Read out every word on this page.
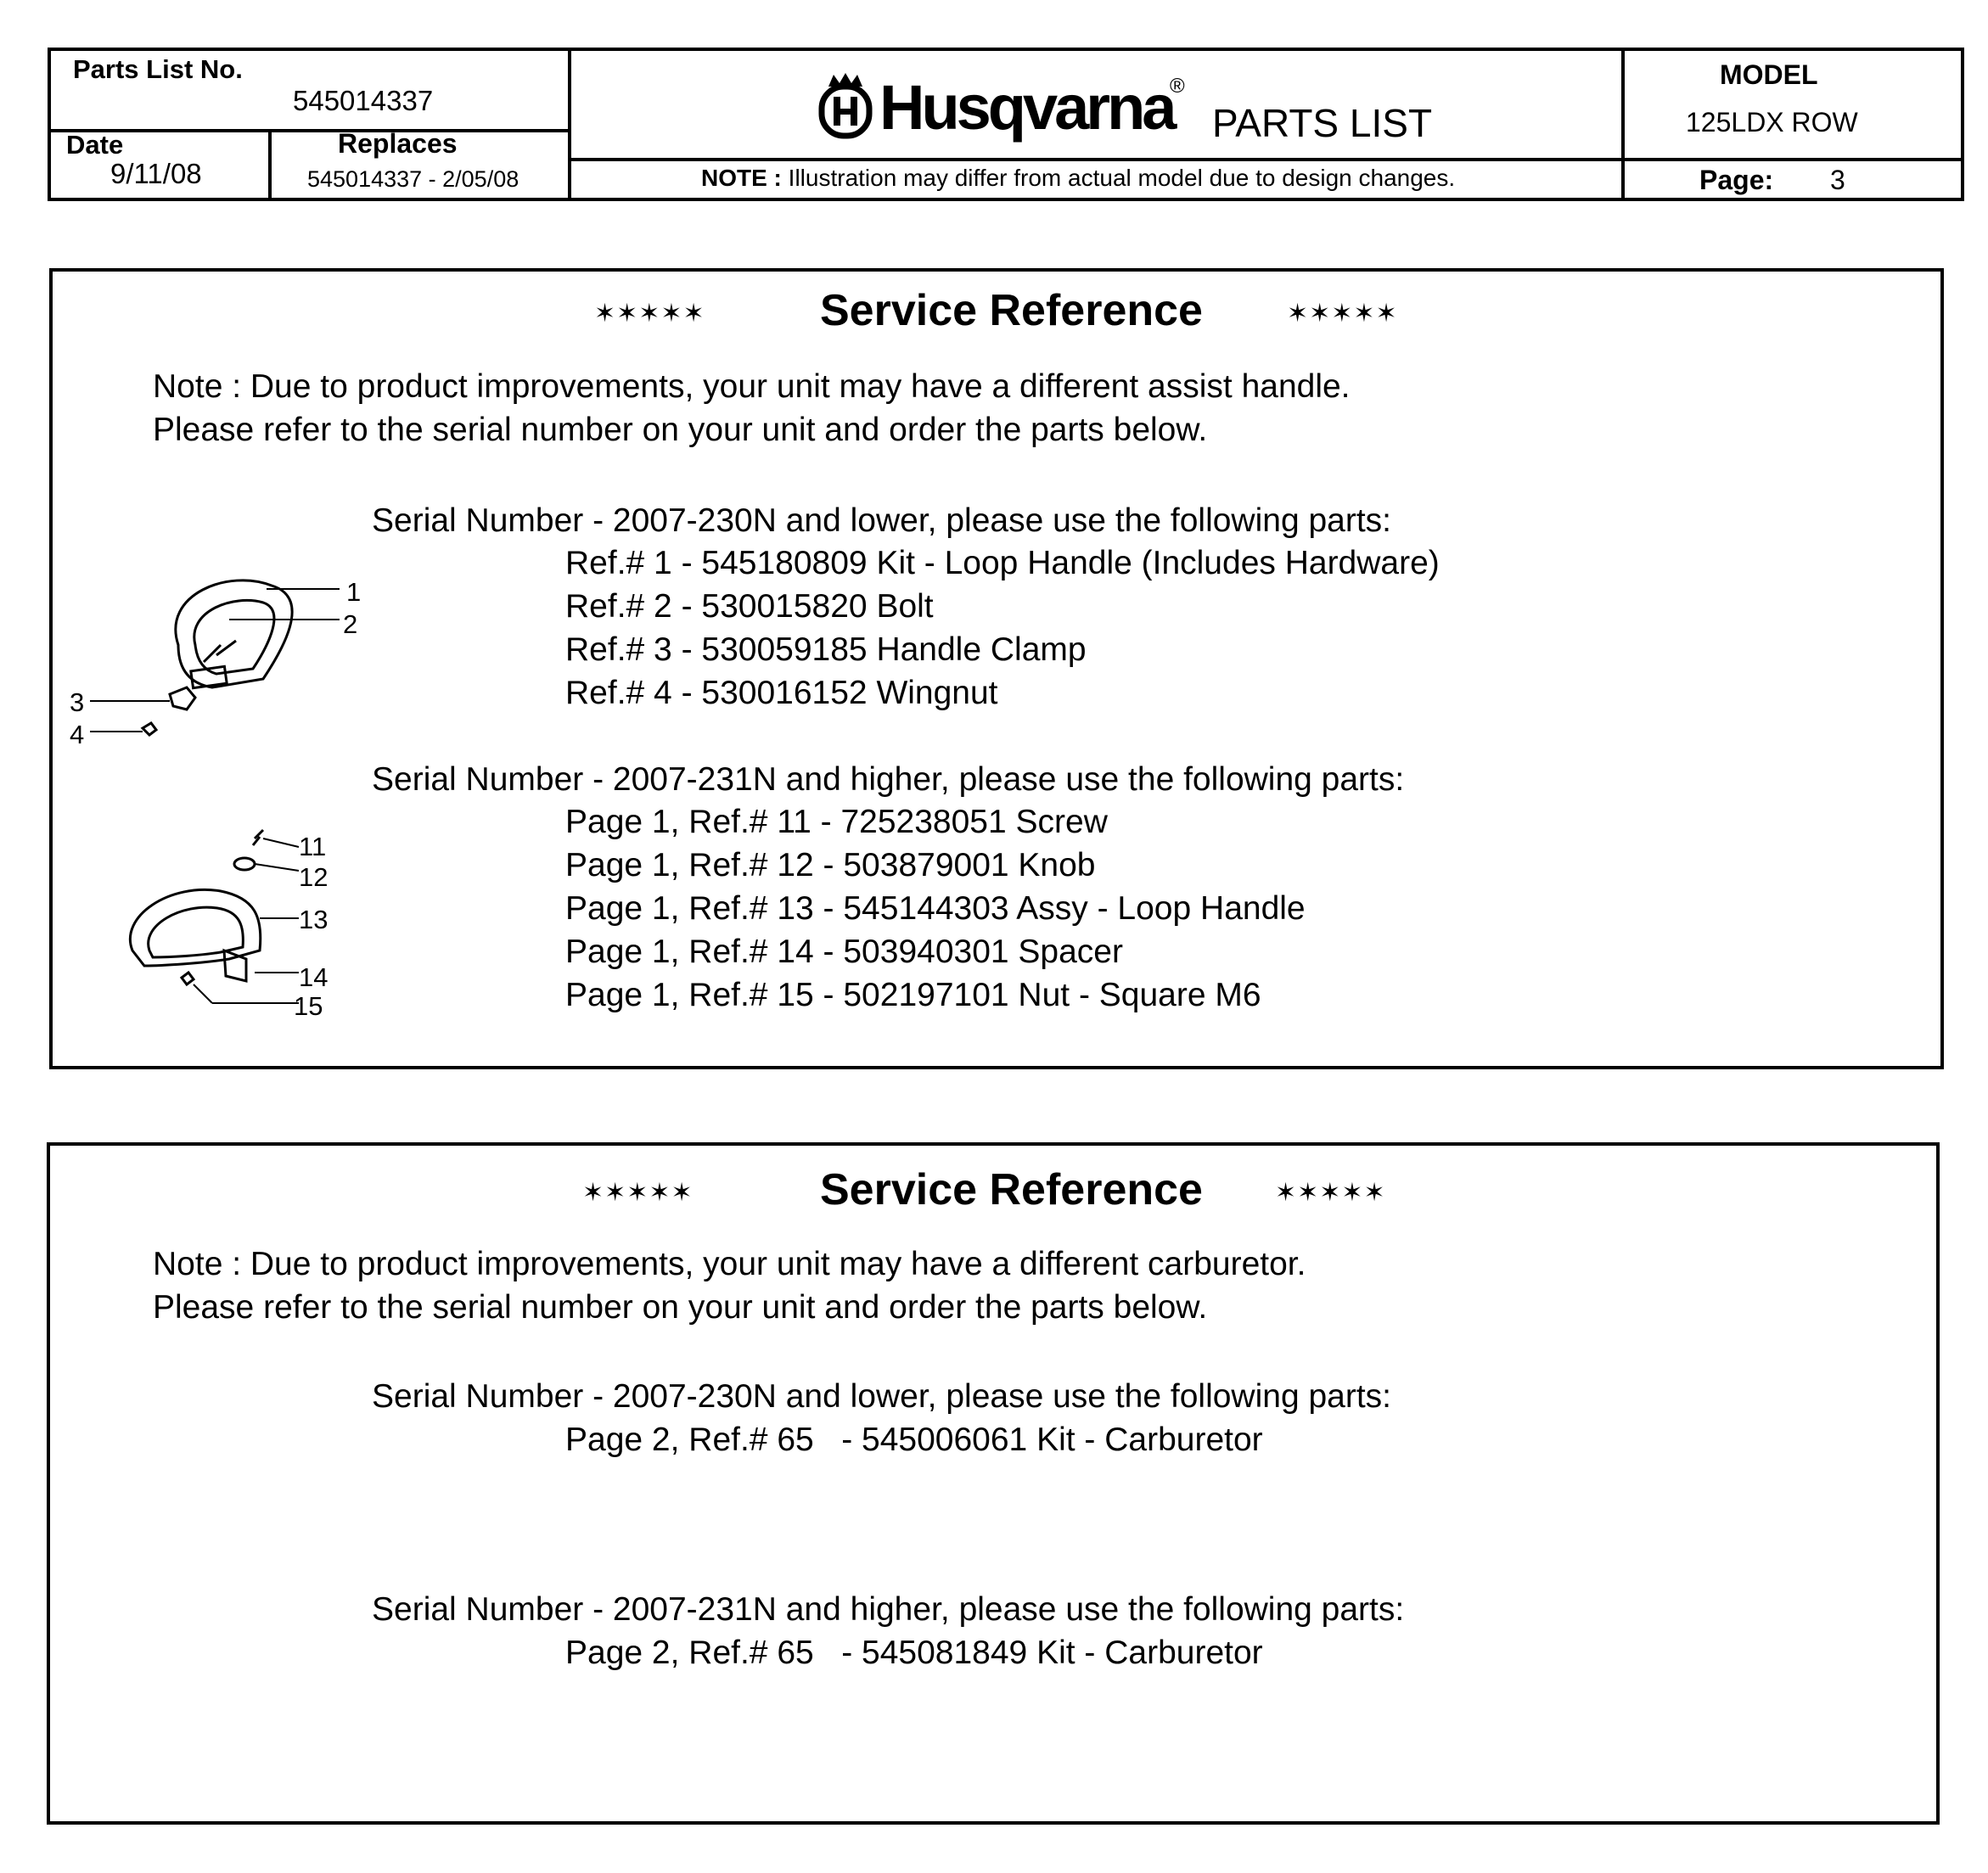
Parts List No.
545014337
Date
9/11/08
Replaces
545014337 - 2/05/08
Husqvarna
®
PARTS LIST
NOTE : Illustration may differ from actual model due to design changes.
MODEL
125LDX ROW
Page: 3
✶✶✶✶✶	Service Reference	✶✶✶✶✶
Note : Due to product improvements, your unit may have a different assist handle.
Please refer to the serial number on your unit and order the parts below.
Serial Number - 2007-230N and lower, please use the following parts:
Ref.# 1 - 545180809 Kit - Loop Handle (Includes Hardware)
Ref.# 2 - 530015820 Bolt
Ref.# 3 - 530059185 Handle Clamp
Ref.# 4 - 530016152 Wingnut
Serial Number - 2007-231N and higher, please use the following parts:
Page 1, Ref.# 11 - 725238051 Screw
Page 1, Ref.# 12 - 503879001 Knob
Page 1, Ref.# 13 - 545144303 Assy - Loop Handle
Page 1, Ref.# 14 - 503940301 Spacer
Page 1, Ref.# 15 - 502197101 Nut - Square M6
1
2
3
4
11
12
13
14
15
✶✶✶✶✶	Service Reference	✶✶✶✶✶
Note : Due to product improvements, your unit may have a different carburetor.
Please refer to the serial number on your unit and order the parts below.
Serial Number - 2007-230N and lower, please use the following parts:
Page 2, Ref.# 65   - 545006061 Kit - Carburetor
Serial Number - 2007-231N and higher, please use the following parts:
Page 2, Ref.# 65   - 545081849 Kit - Carburetor
